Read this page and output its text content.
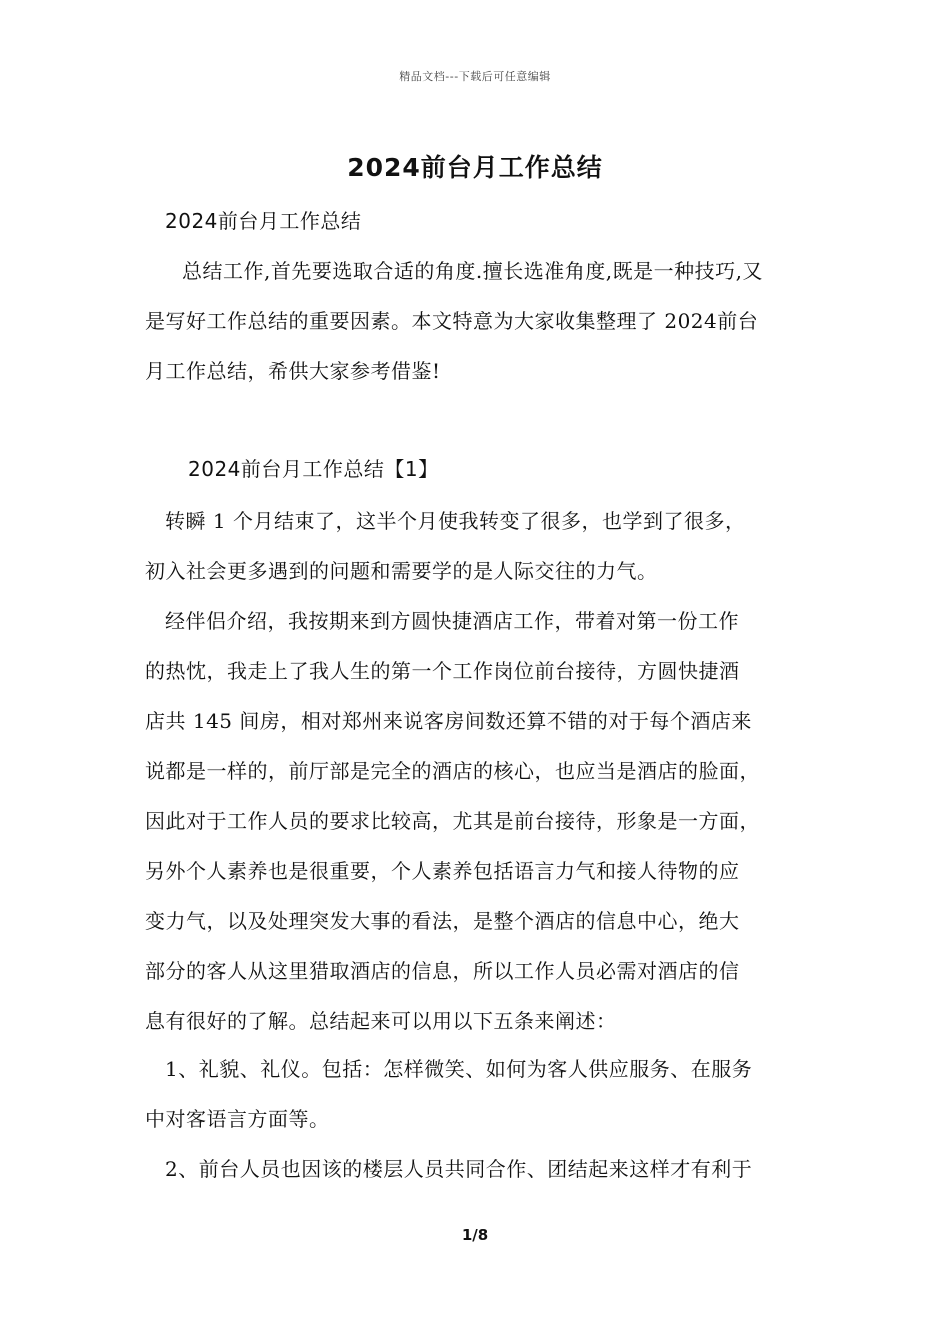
精品文档---下载后可任意编辑
2024前台月工作总结
2024前台月工作总结
总结工作,首先要选取合适的角度.擅长选准角度,既是一种技巧,又
是写好工作总结的重要因素。本文特意为大家收集整理了 2024前台
月工作总结，希供大家参考借鉴!
2024前台月工作总结【1】
转瞬 1 个月结束了，这半个月使我转变了很多，也学到了很多，
初入社会更多遇到的问题和需要学的是人际交往的力气。
经伴侣介绍，我按期来到方圆快捷酒店工作，带着对第一份工作
的热忱，我走上了我人生的第一个工作岗位前台接待，方圆快捷酒
店共 145 间房，相对郑州来说客房间数还算不错的对于每个酒店来
说都是一样的，前厅部是完全的酒店的核心，也应当是酒店的脸面，
因此对于工作人员的要求比较高，尤其是前台接待，形象是一方面，
另外个人素养也是很重要，个人素养包括语言力气和接人待物的应
变力气，以及处理突发大事的看法，是整个酒店的信息中心，绝大
部分的客人从这里猎取酒店的信息，所以工作人员必需对酒店的信
息有很好的了解。总结起来可以用以下五条来阐述：
1、礼貌、礼仪。包括：怎样微笑、如何为客人供应服务、在服务
中对客语言方面等。
2、前台人员也因该的楼层人员共同合作、团结起来这样才有利于
1/8
